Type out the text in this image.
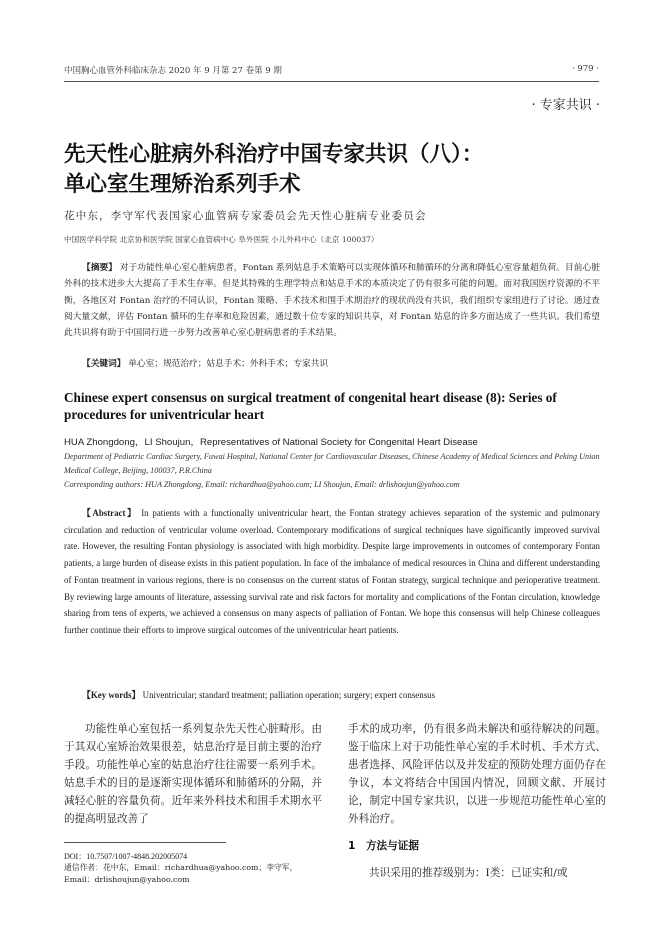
中国胸心血管外科临床杂志 2020 年 9 月第 27 卷第 9 期	· 979 ·
· 专家共识 ·
先天性心脏病外科治疗中国专家共识（八）：
单心室生理矫治系列手术
花中东，李守军代表国家心血管病专家委员会先天性心脏病专业委员会
中国医学科学院 北京协和医学院 国家心血管病中心 阜外医院 小儿外科中心（北京 100037）

【摘要】 对于功能性单心室心脏病患者，Fontan 系列姑息手术策略可以实现体循环和肺循环的分离和降低心室容量超负荷。目前心脏外科的技术进步大大提高了手术生存率。但是其特殊的生理学特点和姑息手术的本质决定了仍有很多可能的问题。面对我国医疗资源的不平衡，各地区对 Fontan 治疗的不同认识，Fontan 策略、手术技术和围手术期治疗的现状尚没有共识，我们组织专家组进行了讨论。通过查阅大量文献，评估 Fontan 循环的生存率和危险因素，通过数十位专家的知识共享，对 Fontan 姑息的许多方面达成了一些共识。我们希望此共识将有助于中国同行进一步努力改善单心室心脏病患者的手术结果。

【关键词】 单心室；规范治疗；姑息手术；外科手术；专家共识

Chinese expert consensus on surgical treatment of congenital heart disease (8): Series of procedures for univentricular heart
HUA Zhongdong，LI Shoujun，Representatives of National Society for Congenital Heart Disease
Department of Pediatric Cardiac Surgery, Fuwai Hospital, National Center for Cardiovascular Diseases, Chinese Academy of Medical Sciences and Peking Union Medical College, Beijing, 100037, P.R.China
Corresponding authors: HUA Zhongdong, Email: richardhua@yahoo.com; LI Shoujun, Email: drlishoujun@yahoo.com

【Abstract】 In patients with a functionally univentricular heart, the Fontan strategy achieves separation of the systemic and pulmonary circulation and reduction of ventricular volume overload. Contemporary modifications of surgical techniques have significantly improved survival rate. However, the resulting Fontan physiology is associated with high morbidity. Despite large improvements in outcomes of contemporary Fontan patients, a large burden of disease exists in this patient population. In face of the imbalance of medical resources in China and different understanding of Fontan treatment in various regions, there is no consensus on the current status of Fontan strategy, surgical technique and perioperative treatment. By reviewing large amounts of literature, assessing survival rate and risk factors for mortality and complications of the Fontan circulation, knowledge sharing from tens of experts, we achieved a consensus on many aspects of palliation of Fontan. We hope this consensus will help Chinese colleagues further continue their efforts to improve surgical outcomes of the univentricular heart patients.

【Key words】 Univentricular; standard treatment; palliation operation; surgery; expert consensus

功能性单心室包括一系列复杂先天性心脏畸形。由于其双心室矫治效果很差，姑息治疗是目前主要的治疗手段。功能性单心室的姑息治疗往往需要一系列手术。姑息手术的目的是逐渐实现体循环和肺循环的分隔，并减轻心脏的容量负荷。近年来外科技术和围手术期水平的提高明显改善了

手术的成功率，仍有很多尚未解决和亟待解决的问题。鉴于临床上对于功能性单心室的手术时机、手术方式、患者选择、风险评估以及并发症的预防处理方面仍存在争议，本文将结合中国国内情况，回顾文献、开展讨论，制定中国专家共识，以进一步规范功能性单心室的外科治疗。

1　方法与证据

共识采用的推荐级别为：Ⅰ类：已证实和/或

DOI：10.7507/1007-4848.202005074
通信作者：花中东，Email：richardhua@yahoo.com；李守军，Email：drlishoujun@yahoo.com
